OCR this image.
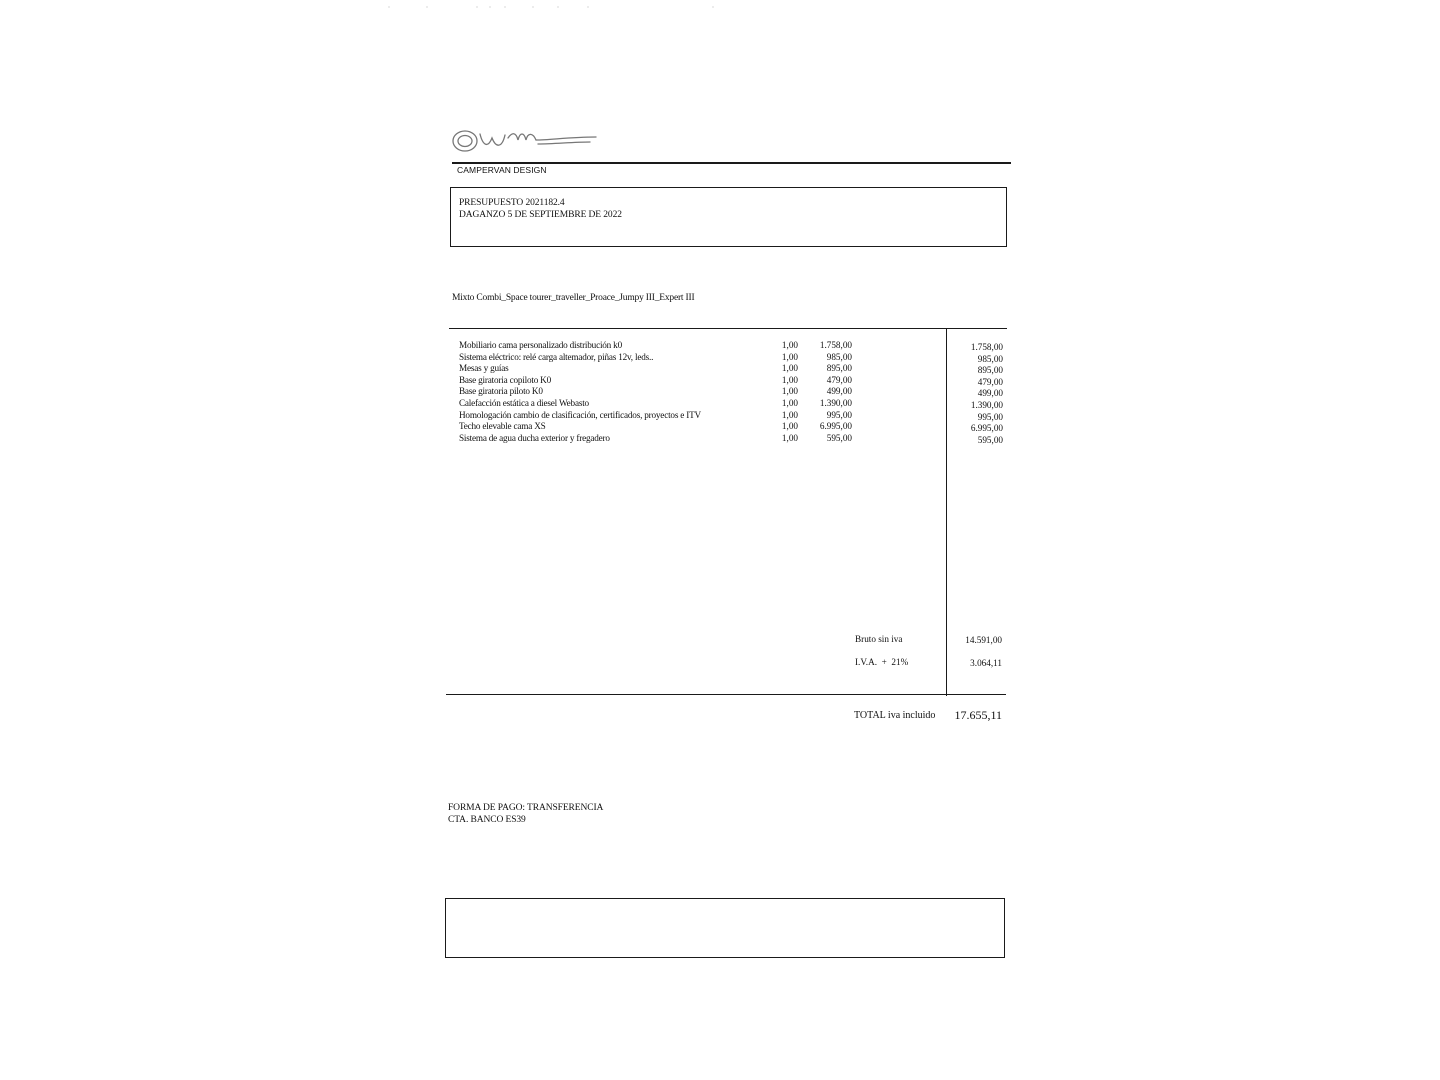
CAMPERVAN DESIGN
PRESUPUESTO 2021182.4
DAGANZO 5 DE SEPTIEMBRE DE 2022
Mixto Combi_Space tourer_traveller_Proace_Jumpy III_Expert III
Mobiliario cama personalizado distribución k0	1,00	1.758,00	1.758,00
Sistema eléctrico: relé carga altemador, piñas 12v, leds..	1,00	985,00	985,00
Mesas y guías	1,00	895,00	895,00
Base giratoria copiloto K0	1,00	479,00	479,00
Base giratoria piloto K0	1,00	499,00	499,00
Calefacción estática a diesel Webasto	1,00	1.390,00	1.390,00
Homologación cambio de clasificación, certificados, proyectos e ITV	1,00	995,00	995,00
Techo elevable cama XS	1,00	6.995,00	6.995,00
Sistema de agua ducha exterior y fregadero	1,00	595,00	595,00
Bruto sin iva	14.591,00
I.V.A.  +  21%	3.064,11
TOTAL iva incluido	17.655,11
FORMA DE PAGO: TRANSFERENCIA
CTA. BANCO ES39
